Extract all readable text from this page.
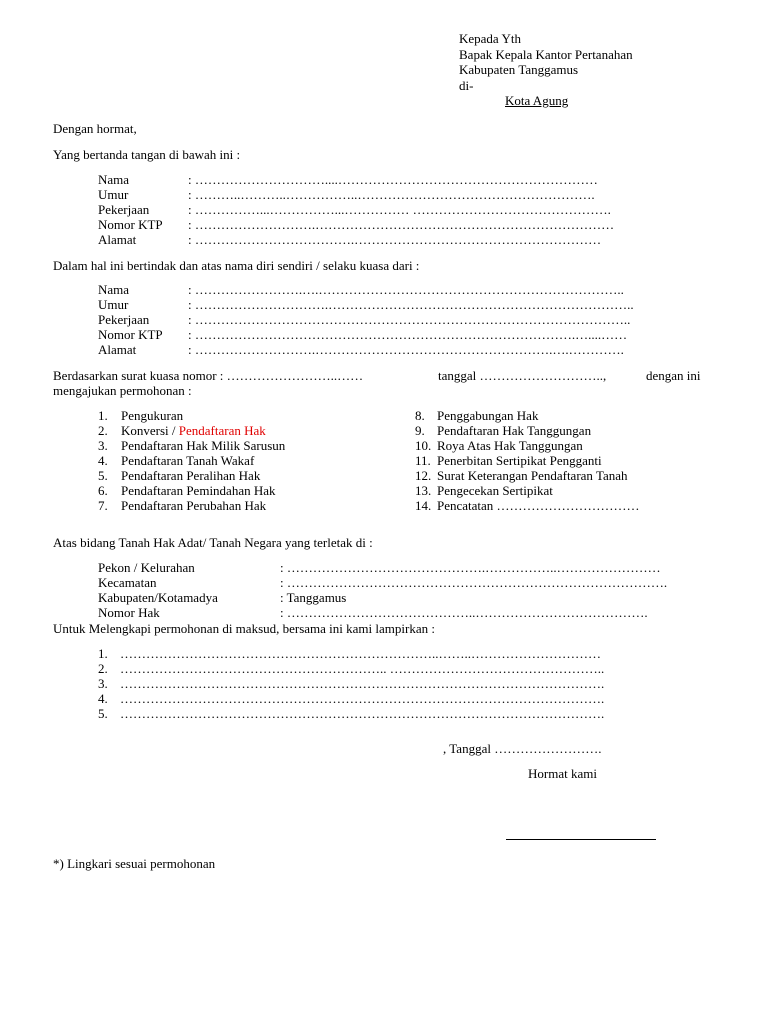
Kepada Yth
Bapak Kepala Kantor Pertanahan
Kabupaten Tanggamus
di-
Kota Agung
Dengan hormat,
Yang bertanda tangan di bawah ini :
Nama	: …………………………....……………………………………………………
Umur	: ………..………..……………..……………………………………………….
Pekerjaan	: ……………...……………...…………… ……………………………………….
Nomor KTP : ……………………….……………………………………………………………
Alamat	: ……………………………….…………………………………………………
Dalam hal ini bertindak dan atas nama diri sendiri / selaku kuasa dari :
Nama	: …………………….….……………………………………………………………..
Umur	: ………………………….……………………………………………………………..
Pekerjaan	: ………………………………………………………………………………………..
Nomor KTP : …………………………………………………………………………….…....……
Alamat	: ……………………….……………………………………………….….………….
Berdasarkan surat kuasa nomor : ……………………..……	tanggal ………………………..,	dengan ini
mengajukan permohonan :
1. Pengukuran
2. Konversi / Pendaftaran Hak
3. Pendaftaran Hak Milik Sarusun
4. Pendaftaran Tanah Wakaf
5. Pendaftaran Peralihan Hak
6. Pendaftaran Pemindahan Hak
7. Pendaftaran Perubahan Hak
8. Penggabungan Hak
9. Pendaftaran Hak Tanggungan
10. Roya Atas Hak Tanggungan
11. Penerbitan Sertipikat Pengganti
12. Surat Keterangan Pendaftaran Tanah
13. Pengecekan Sertipikat
14. Pencatatan ……………………………
Atas bidang Tanah Hak Adat/ Tanah Negara yang terletak di :
Pekon / Kelurahan	: ……………………………………….……………..……………………
Kecamatan	: …………………………………………………………………………….
Kabupaten/Kotamadya	: Tanggamus
Nomor Hak	: ……………………………………..………………………………….
Untuk Melengkapi permohonan di maksud, bersama ini kami lampirkan :
1. ………………………………………………………………..……..…………………………
2. …………………………………………………….. …………………………………………..
3. ………………………………………………………………………………………………….
4. ………………………………………………………………………………………………….
5. ………………………………………………………………………………………………….
, Tanggal …………………….
Hormat kami
*) Lingkari sesuai permohonan
